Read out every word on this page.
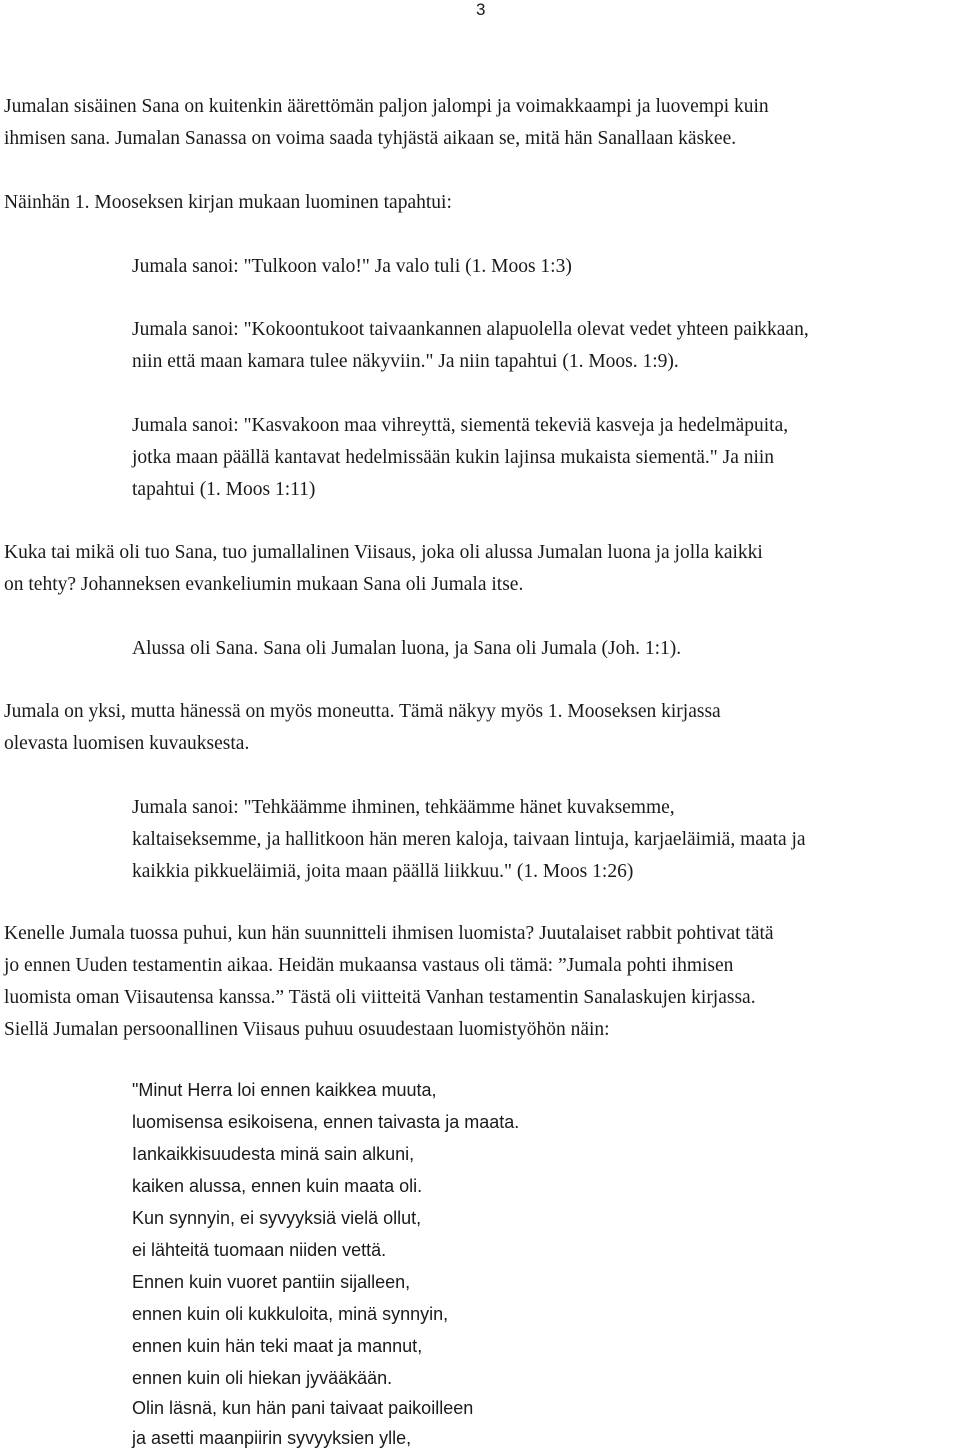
3
Jumalan sisäinen Sana on kuitenkin äärettömän paljon jalompi ja voimakkaampi ja luovempi kuin
ihmisen sana. Jumalan Sanassa on voima saada tyhjästä aikaan se, mitä hän Sanallaan käskee.
Näinhän 1. Mooseksen kirjan mukaan luominen tapahtui:
Jumala sanoi: "Tulkoon valo!" Ja valo tuli (1. Moos 1:3)
Jumala sanoi: "Kokoontukoot taivaankannen alapuolella olevat vedet yhteen paikkaan,
niin että maan kamara tulee näkyviin." Ja niin tapahtui (1. Moos. 1:9).
Jumala sanoi: "Kasvakoon maa vihreyttä, siementä tekeviä kasveja ja hedelmäpuita,
jotka maan päällä kantavat hedelmissään kukin lajinsa mukaista siementä." Ja niin
tapahtui (1. Moos 1:11)
Kuka tai mikä oli tuo Sana, tuo jumallalinen Viisaus, joka oli alussa Jumalan luona ja jolla kaikki
on tehty? Johanneksen evankeliumin mukaan Sana oli Jumala itse.
Alussa oli Sana. Sana oli Jumalan luona, ja Sana oli Jumala (Joh. 1:1).
Jumala on yksi, mutta hänessä on myös moneutta. Tämä näkyy myös 1. Mooseksen kirjassa
olevasta luomisen kuvauksesta.
Jumala sanoi: "Tehkäämme ihminen, tehkäämme hänet kuvaksemme,
kaltaiseksemme, ja hallitkoon hän meren kaloja, taivaan lintuja, karjaeläimiä, maata ja
kaikkia pikkueläimiä, joita maan päällä liikkuu." (1. Moos 1:26)
Kenelle Jumala tuossa puhui, kun hän suunnitteli ihmisen luomista? Juutalaiset rabbit pohtivat tätä
jo ennen Uuden testamentin aikaa. Heidän mukaansa vastaus oli tämä: ”Jumala pohti ihmisen
luomista oman Viisautensa kanssa.” Tästä oli viitteitä Vanhan testamentin Sanalaskujen kirjassa.
Siellä Jumalan persoonallinen Viisaus puhuu osuudestaan luomistyöhön näin:
"Minut Herra loi ennen kaikkea muuta,
luomisensa esikoisena, ennen taivasta ja maata.
Iankaikkisuudesta minä sain alkuni,
kaiken alussa, ennen kuin maata oli.
Kun synnyin, ei syvyyksiä vielä ollut,
ei lähteitä tuomaan niiden vettä.
Ennen kuin vuoret pantiin sijalleen,
ennen kuin oli kukkuloita, minä synnyin,
ennen kuin hän teki maat ja mannut,
ennen kuin oli hiekan jyvääkään.
Olin läsnä, kun hän pani taivaat paikoilleen
ja asetti maanpiirin syvyyksien ylle,
